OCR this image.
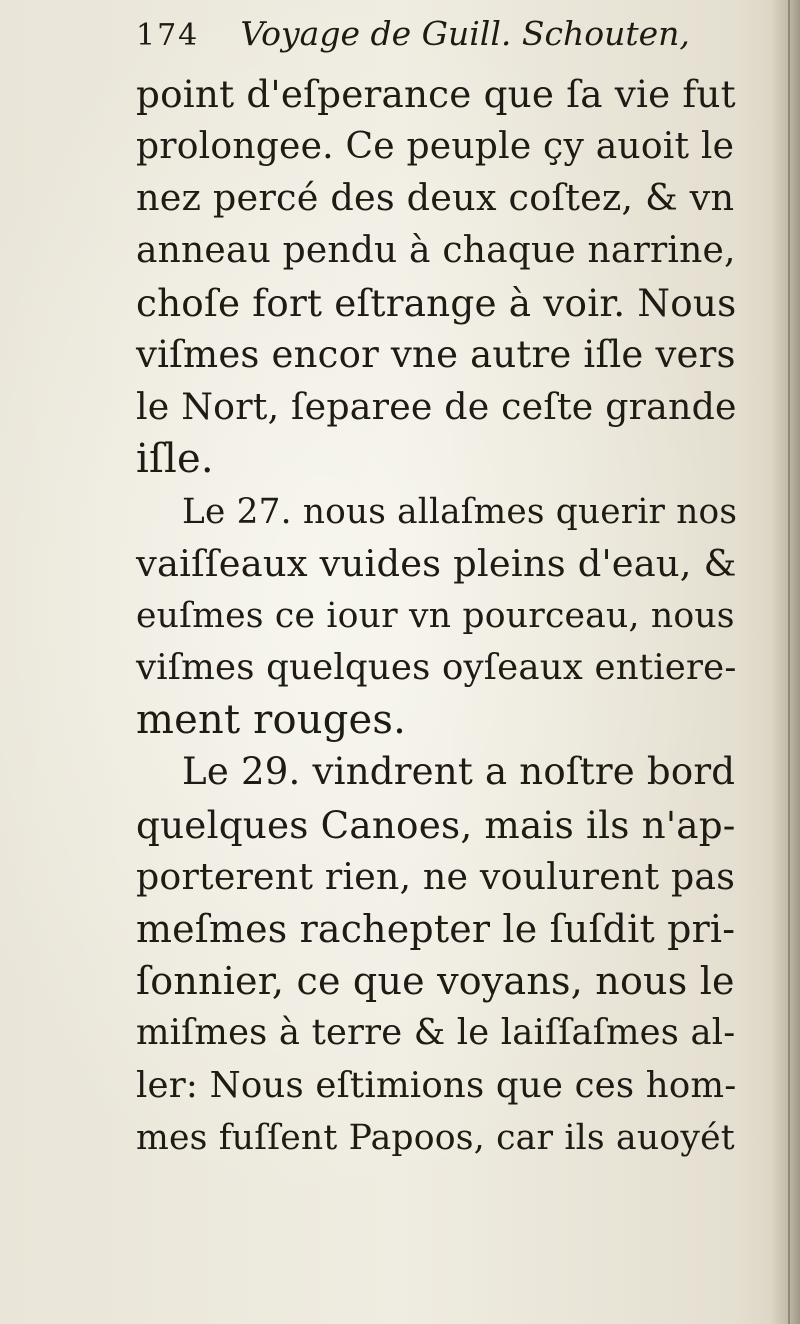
174 Voyage de Guill. Schouten,
point d'eſperance que ſa vie fut
prolongee. Ce peuple çy auoit le
nez percé des deux coſtez, & vn
anneau pendu à chaque narrine,
choſe fort eſtrange à voir. Nous
viſmes encor vne autre iſle vers
le Nort, ſeparee de ceſte grande
iſle.
Le 27. nous allaſmes querir nos
vaiſſeaux vuides pleins d'eau, &
euſmes ce iour vn pourceau, nous
viſmes quelques oyſeaux entiere-
ment rouges.
Le 29. vindrent a noſtre bord
quelques Canoes, mais ils n'ap-
porterent rien, ne voulurent pas
meſmes rachepter le ſuſdit pri-
ſonnier, ce que voyans, nous le
miſmes à terre & le laiſſaſmes al-
ler: Nous eſtimions que ces hom-
mes fuſſent Papoos, car ils auoyét
